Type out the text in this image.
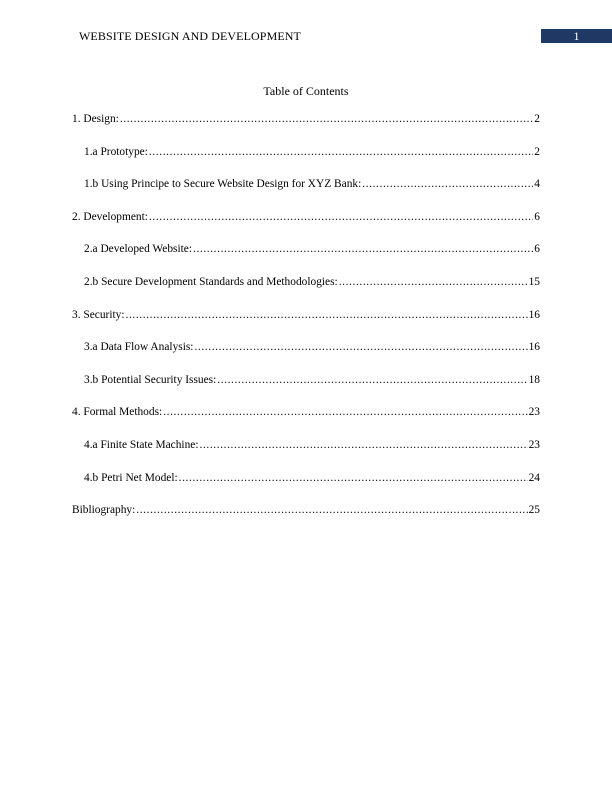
WEBSITE DESIGN AND DEVELOPMENT	1
Table of Contents
1. Design: .....	2
1.a Prototype: .....	2
1.b Using Principe to Secure Website Design for XYZ Bank: .....	4
2. Development: .....	6
2.a Developed Website: .....	6
2.b Secure Development Standards and Methodologies: .....	15
3. Security: .....	16
3.a Data Flow Analysis: .....	16
3.b Potential Security Issues: .....	18
4. Formal Methods: .....	23
4.a Finite State Machine: .....	23
4.b Petri Net Model: .....	24
Bibliography: .....	25
